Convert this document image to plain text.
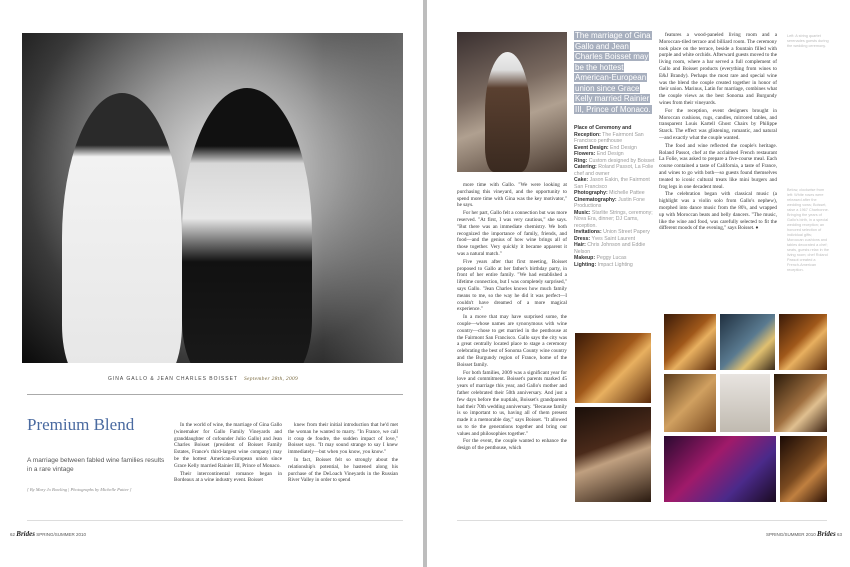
GINA GALLO & JEAN CHARLES BOISSET September 28th, 2009
Premium Blend
A marriage between fabled wine families results in a rare vintage
[ By Mary Jo Bowling | Photographs by Michelle Pattee ]

In the world of wine, the marriage of Gina Gallo (winemaker for Gallo Family Vineyards and granddaughter of cofounder Julio Gallo) and Jean Charles Boisset (president of Boisset Family Estates, France's third-largest wine company) may be the hottest American-European union since Grace Kelly married Rainier III, Prince of Monaco.

Their intercontinental romance began in Bordeaux at a wine industry event. Boisset

knew from their initial introduction that he'd met the woman he wanted to marry. "In France, we call it coup de foudre, the sudden impact of love," Boisset says. "It may sound strange to say I knew immediately—but when you know, you know."

In fact, Boisset felt so strongly about the relationship's potential, he hastened along his purchase of the DeLoach Vineyards in the Russian River Valley in order to spend

62 Brides SPRING/SUMMER 2010
The marriage of Gina Gallo and Jean Charles Boisset may be the hottest American-European union since Grace Kelly married Rainier III, Prince of Monaco.
Place of Ceremony and Reception: The Fairmont San Francisco penthouse
Event Design: End Design
Flowers: End Design
Ring: Custom designed by Boisset
Catering: Roland Passot, La Folie chef and owner
Cake: Jason Eakin, the Fairmont San Francisco
Photography: Michelle Pattee
Cinematography: Justin Fone Productions
Music: Starlite Strings, ceremony; Nova Era, dinner; DJ Cams, reception.
Invitations: Union Street Papery
Dress: Yves Saint Laurent
Hair: Chris Johnson and Eddie Nelson
Makeup: Peggy Lucas
Lighting: Impact Lighting

more time with Gallo. "We were looking at purchasing this vineyard, and the opportunity to spend more time with Gina was the key motivator," he says.

For her part, Gallo felt a connection but was more reserved. "At first, I was very cautious," she says. "But there was an immediate chemistry. We both recognized the importance of family, friends, and food—and the genius of how wine brings all of those together. Very quickly it became apparent it was a natural match."

Five years after that first meeting, Boisset proposed to Gallo at her father's birthday party, in front of her entire family. "We had established a lifetime connection, but I was completely surprised," says Gallo. "Jean Charles knows how much family means to me, so the way he did it was perfect—I couldn't have dreamed of a more magical experience."

In a move that may have surprised some, the couple—whose names are synonymous with wine country—chose to get married in the penthouse at the Fairmont San Francisco. Gallo says the city was a great centrally located place to stage a ceremony celebrating the best of Sonoma County wine country and the Burgundy region of France, home of the Boisset family.

For both families, 2009 was a significant year for love and commitment. Boisset's parents marked 45 years of marriage this year, and Gallo's mother and father celebrated their 50th anniversary. And just a few days before the nuptials, Boisset's grandparents had their 70th wedding anniversary. "Because family is so important to us, having all of them present made it a memorable day," says Boisset. "It allowed us to tie the generations together and bring our values and philosophies together."

For the event, the couple wanted to enhance the design of the penthouse, which

features a wood-paneled living room and a Moroccan-tiled terrace and billiard room. The ceremony took place on the terrace, beside a fountain filled with purple and white orchids. Afterward guests moved to the living room, where a bar served a full complement of Gallo and Boisset products (everything from wines to E&J Brandy). Perhaps the most rare and special wine was the blend the couple created together in honor of their union. Marinus, Latin for marriage, combines what the couple views as the best Sonoma and Burgundy wines from their vineyards.

For the reception, event designers brought in Moroccan cushions, rugs, candles, mirrored tables, and transparent Louis Kartell Ghost Chairs by Philippe Starck. The effect was glistening, romantic, and natural—and exactly what the couple wanted.

The food and wine reflected the couple's heritage. Roland Passot, chef at the acclaimed French restaurant La Folie, was asked to prepare a five-course meal. Each course contained a taste of California, a taste of France, and wines to go with both—so guests found themselves treated to iconic cultural treats like mini burgers and frog legs in one decadent meal.

The celebration began with classical music (a highlight was a violin solo from Gallo's nephew), morphed into dance music from the 80's, and wrapped up with Moroccan beats and belly dancers. "The music, like the wine and food, was carefully selected to fit the different moods of the evening," says Boisset. ♦

Left: A string quartet serenades guests during the wedding ceremony.
Below, clockwise from left: White roses were released after the wedding vows; Boisset, raise a 1967 Charbonne. Bringing the years of Gallo's birth, in a special wedding reception; an honored selection of individual gifts; Moroccan cushions and tables decorated a chef; seats, guests relax in the living room; chef Roland Passot created a French-American reception.
SPRING/SUMMER 2010 Brides 63
